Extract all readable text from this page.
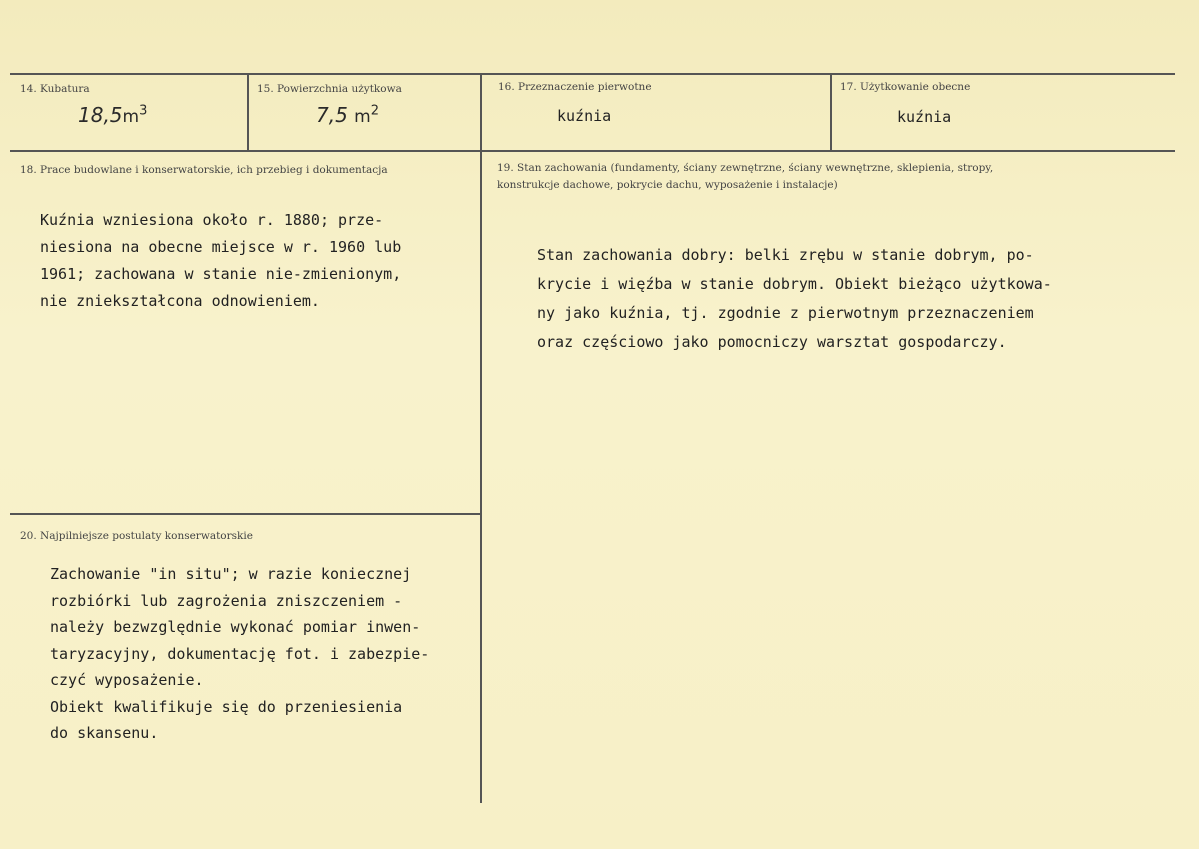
14. Kubatura
$18,5m^3$
15. Powierzchnia użytkowa
7,5 $m^2$
16. Przeznaczenie pierwotne
kuźnia
17. Użytkowanie obecne
kuźnia
18. Prace budowlane i konserwatorskie, ich przebieg i dokumentacja
Kuźnia wzniesiona około r. 1880; prze-
niesiona na obecne miejsce w r. 1960 lub
1961; zachowana w stanie nie-zmienionym,
nie zniekształcona odnowieniem.
19. Stan zachowania (fundamenty, ściany zewnętrzne, ściany wewnętrzne, sklepienia, stropy,
konstrukcje dachowe, pokrycie dachu, wyposażenie i instalacje)
Stan zachowania dobry: belki zrębu w stanie dobrym, po-
krycie i więźba w stanie dobrym. Obiekt bieżąco użytkowa-
ny jako kuźnia, tj. zgodnie z pierwotnym przeznaczeniem
oraz częściowo jako pomocniczy warsztat gospodarczy.
20. Najpilniejsze postulaty konserwatorskie
Zachowanie "in situ"; w razie koniecznej
rozbiórki lub zagrożenia zniszczeniem -
należy bezwzględnie wykonać pomiar inwen-
taryzacyjny, dokumentację fot. i zabezpie-
czyć wyposażenie.
Obiekt kwalifikuje się do przeniesienia
do skansenu.
